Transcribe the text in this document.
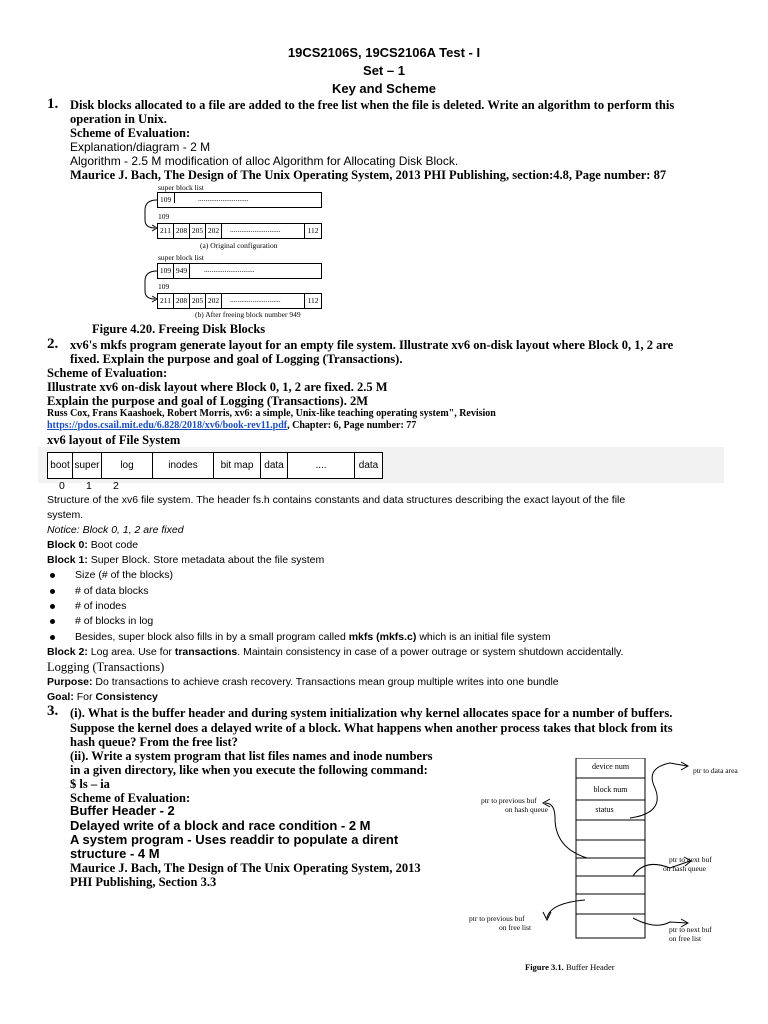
19CS2106S, 19CS2106A Test - I
Set – 1
Key and Scheme
1. Disk blocks allocated to a file are added to the free list when the file is deleted. Write an algorithm to perform this
operation in Unix.
Scheme of Evaluation:
Explanation/diagram - 2 M
Algorithm - 2.5 M modification of alloc Algorithm for Allocating Disk Block.
Maurice J. Bach, The Design of The Unix Operating System, 2013 PHI Publishing, section:4.8, Page number: 87
super block list
109	...........................
109
211 208 205 202	...........................	112
(a) Original configuration
super block list
109 949	...........................
109
211 208 205 202	...........................	112
(b) After freeing block number 949
Figure 4.20. Freeing Disk Blocks
2. xv6's mkfs program generate layout for an empty file system. Illustrate xv6 on-disk layout where Block 0, 1, 2 are
fixed. Explain the purpose and goal of Logging (Transactions).
Scheme of Evaluation:
Illustrate xv6 on-disk layout where Block 0, 1, 2 are fixed. 2.5 M
Explain the purpose and goal of Logging (Transactions). 2M
Russ Cox, Frans Kaashoek, Robert Morris, xv6: a simple, Unix-like teaching operating system", Revision
https://pdos.csail.mit.edu/6.828/2018/xv6/book-rev11.pdf, Chapter: 6, Page number: 77
xv6 layout of File System
boot super	log	inodes	bit map	data	....	data
0 1 2
Structure of the xv6 file system. The header fs.h contains constants and data structures describing the exact layout of the file
system.
Notice: Block 0, 1, 2 are fixed
Block 0: Boot code
Block 1: Super Block. Store metadata about the file system
Size (# of the blocks)
# of data blocks
# of inodes
# of blocks in log
Besides, super block also fills in by a small program called mkfs (mkfs.c) which is an initial file system
Block 2: Log area. Use for transactions. Maintain consistency in case of a power outrage or system shutdown accidentally.
Logging (Transactions)
Purpose: Do transactions to achieve crash recovery. Transactions mean group multiple writes into one bundle
Goal: For Consistency
3. (i). What is the buffer header and during system initialization why kernel allocates space for a number of buffers.
Suppose the kernel does a delayed write of a block. What happens when another process takes that block from its
hash queue? From the free list?
(ii). Write a system program that list files names and inode numbers
in a given directory, like when you execute the following command:
$ ls – ia
Scheme of Evaluation:
Buffer Header - 2
Delayed write of a block and race condition - 2 M
A system program - Uses readdir to populate a dirent
structure - 4 M
Maurice J. Bach, The Design of The Unix Operating System, 2013
PHI Publishing, Section 3.3
device num
block num
status
ptr to data area
ptr to previous buf
on hash queue
ptr to next buf
on hash queue
ptr to previous buf
on free list	ptr to next buf
on free list
Figure 3.1. Buffer Header
